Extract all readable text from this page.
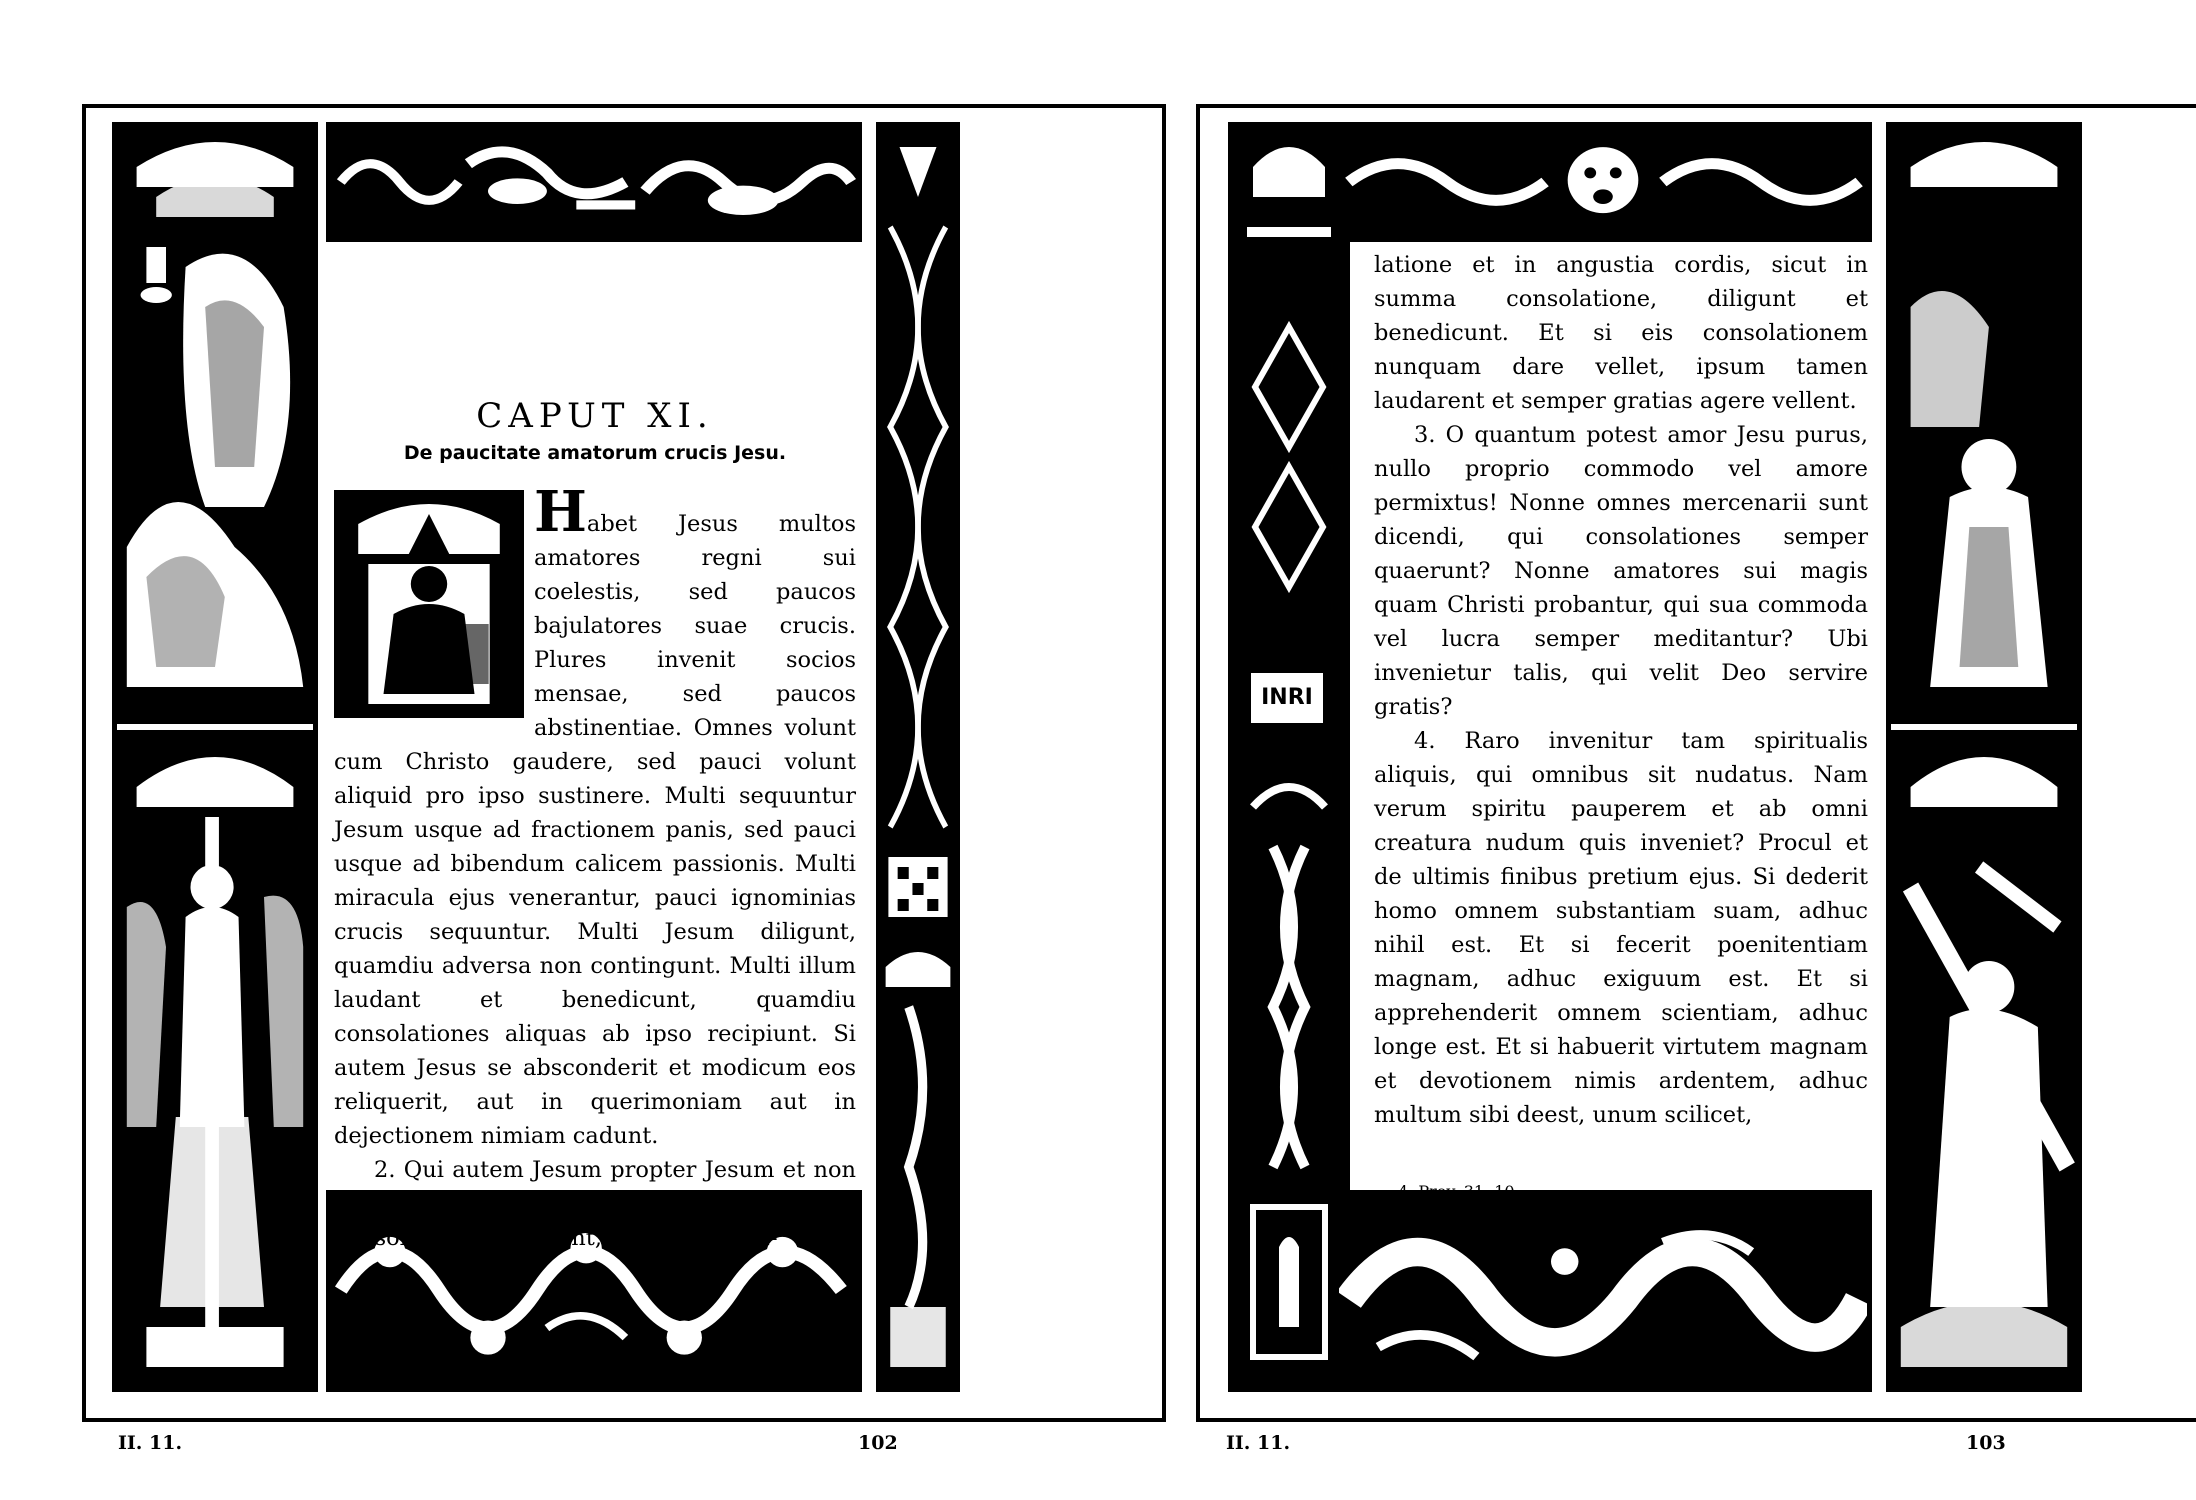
CAPUT XI.
De paucitate amatorum crucis Jesu.

Habet Jesus multos amatores regni sui coelestis, sed paucos bajulatores suae crucis. Plures invenit socios mensae, sed paucos abstinentiae. Omnes volunt cum Christo gaudere, sed pauci volunt aliquid pro ipso sustinere. Multi sequuntur Jesum usque ad fractionem panis, sed pauci usque ad bibendum calicem passionis. Multi miracula ejus venerantur, pauci ignominias crucis sequuntur. Multi Jesum diligunt, quamdiu adversa non contingunt. Multi illum laudant et benedicunt, quamdiu consolationes aliquas ab ipso recipiunt. Si autem Jesus se absconderit et modicum eos reliquerit, aut in querimoniam aut in dejectionem nimiam cadunt.

2. Qui autem Jesum propter Jesum et non propter suam aliquam propriam consolationem diligunt, ipsum in tribu-

II. 11.	102
INRI

latione et in angustia cordis, sicut in summa consolatione, diligunt et benedicunt. Et si eis consolationem nunquam dare vellet, ipsum tamen laudarent et semper gratias agere vellent.

3. O quantum potest amor Jesu purus, nullo proprio commodo vel amore permixtus! Nonne omnes mercenarii sunt dicendi, qui consolationes semper quaerunt? Nonne amatores sui magis quam Christi probantur, qui sua commoda vel lucra semper meditantur? Ubi invenietur talis, qui velit Deo servire gratis?

4. Raro invenitur tam spiritualis aliquis, qui omnibus sit nudatus. Nam verum spiritu pauperem et ab omni creatura nudum quis inveniet? Procul et de ultimis finibus pretium ejus. Si dederit homo omnem substantiam suam, adhuc nihil est. Et si fecerit poenitentiam magnam, adhuc exiguum est. Et si apprehenderit omnem scientiam, adhuc longe est. Et si habuerit virtutem magnam et devotionem nimis ardentem, adhuc multum sibi deest, unum scilicet,

4. Prov. 31, 10.
II. 11.	103
